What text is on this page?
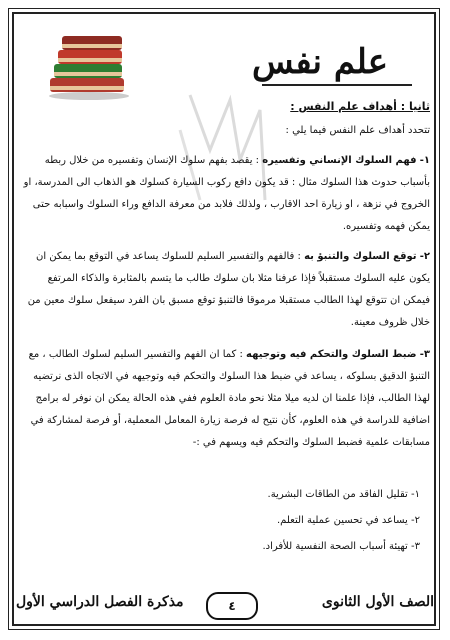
علم نفس
ثانيا : أهداف علم النفس :
تتحدد أهداف علم النفس فيما يلي :
١- فهم السلوك الإنساني وتفسيره : يقصد بفهم سلوك الإنسان وتفسيره من خلال ربطه بأسباب حدوث هذا السلوك مثال : قد يكون دافع ركوب السيارة كسلوك هو الذهاب الى المدرسة، او الخروج في نزهة ، او زيارة احد الاقارب ، ولذلك فلابد من معرفة الدافع وراء السلوك واسبابه حتى يمكن فهمه وتفسيره.
٢- توقع السلوك والتنبؤ به : فالفهم والتفسير السليم للسلوك يساعد في التوقع بما يمكن ان يكون عليه السلوك مستقبلاً فإذا عرفنا مثلا بان سلوك طالب ما يتسم بالمثابرة والذكاء المرتفع فيمكن ان تتوقع لهذا الطالب مستقبلا مرموقا فالتنبؤ توقع مسبق بان الفرد سيفعل سلوك معين من خلال ظروف معينة.
٣- ضبط السلوك والتحكم فيه وتوجيهه : كما ان الفهم والتفسير السليم لسلوك الطالب ، مع التنبؤ الدقيق بسلوكه ، يساعد في ضبط هذا السلوك والتحكم فيه وتوجيهه في الاتجاه الذى نرتضيه لهذا الطالب، فإذا علمنا ان لديه ميلا مثلا نحو مادة العلوم ففي هذه الحالة يمكن ان نوفر له برامج اضافية للدراسة في هذه العلوم، كأن نتيح له فرصة زيارة المعامل المعملية، أو فرصة لمشاركة في مسابقات علمية فضبط السلوك والتحكم فيه ويسهم في :-
١- تقليل الفاقد من الطاقات البشرية.
٢- يساعد في تحسين عملية التعلم.
٣- تهيئة أسباب الصحة النفسية للأفراد.
الصف الأول الثانوى
٤
مذكرة الفصل الدراسي الأول
